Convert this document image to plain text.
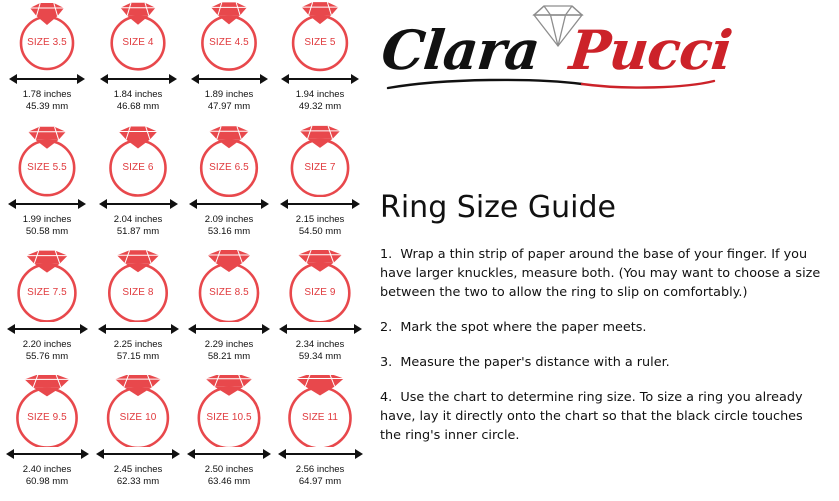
SIZE 3.5
1.78 inches
45.39 mm
SIZE 4
1.84 inches
46.68 mm
SIZE 4.5
1.89 inches
47.97 mm
SIZE 5
1.94 inches
49.32 mm
SIZE 5.5
1.99 inches
50.58 mm
SIZE 6
2.04 inches
51.87 mm
SIZE 6.5
2.09 inches
53.16 mm
SIZE 7
2.15 inches
54.50 mm
SIZE 7.5
2.20 inches
55.76 mm
SIZE 8
2.25 inches
57.15 mm
SIZE 8.5
2.29 inches
58.21 mm
SIZE 9
2.34 inches
59.34 mm
SIZE 9.5
2.40 inches
60.98 mm
SIZE 10
2.45 inches
62.33 mm
SIZE 10.5
2.50 inches
63.46 mm
SIZE 11
2.56 inches
64.97 mm
Clara Pucci
Ring Size Guide
1.  Wrap a thin strip of paper around the base of your finger. If you have larger knuckles, measure both. (You may want to choose a size between the two to allow the ring to slip on comfortably.)
2.  Mark the spot where the paper meets.
3.  Measure the paper's distance with a ruler.
4.  Use the chart to determine ring size. To size a ring you already have, lay it directly onto the chart so that the black circle touches the ring's inner circle.
